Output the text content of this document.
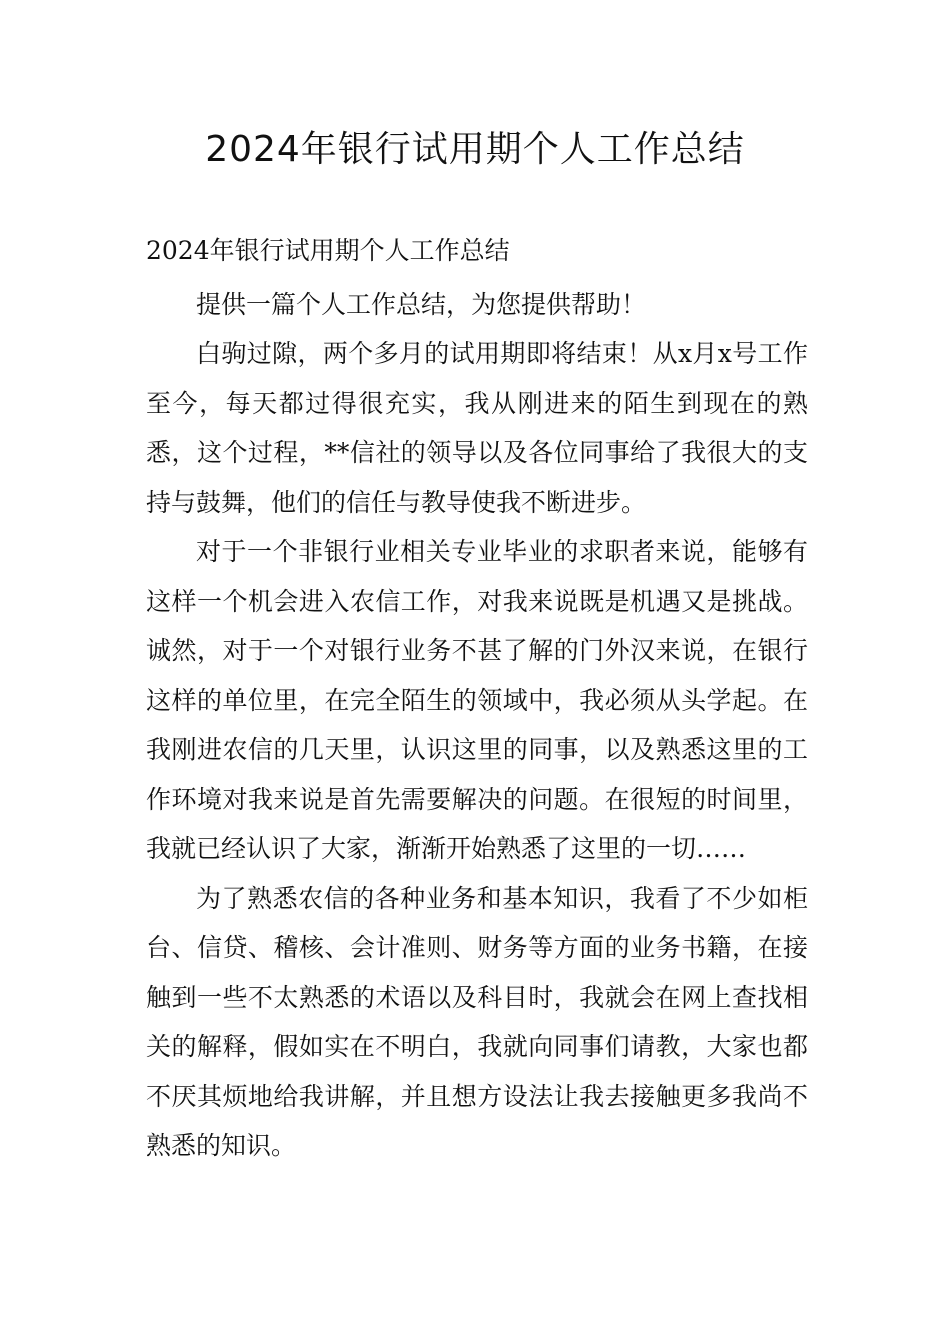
2024年银行试用期个人工作总结

2024年银行试用期个人工作总结

提供一篇个人工作总结，为您提供帮助！

白驹过隙，两个多月的试用期即将结束！从x月x号工作至今，每天都过得很充实，我从刚进来的陌生到现在的熟悉，这个过程，**信社的领导以及各位同事给了我很大的支持与鼓舞，他们的信任与教导使我不断进步。

对于一个非银行业相关专业毕业的求职者来说，能够有这样一个机会进入农信工作，对我来说既是机遇又是挑战。诚然，对于一个对银行业务不甚了解的门外汉来说，在银行这样的单位里，在完全陌生的领域中，我必须从头学起。在我刚进农信的几天里，认识这里的同事，以及熟悉这里的工作环境对我来说是首先需要解决的问题。在很短的时间里，我就已经认识了大家，渐渐开始熟悉了这里的一切……

为了熟悉农信的各种业务和基本知识，我看了不少如柜台、信贷、稽核、会计准则、财务等方面的业务书籍，在接触到一些不太熟悉的术语以及科目时，我就会在网上查找相关的解释，假如实在不明白，我就向同事们请教，大家也都不厌其烦地给我讲解，并且想方设法让我去接触更多我尚不熟悉的知识。
